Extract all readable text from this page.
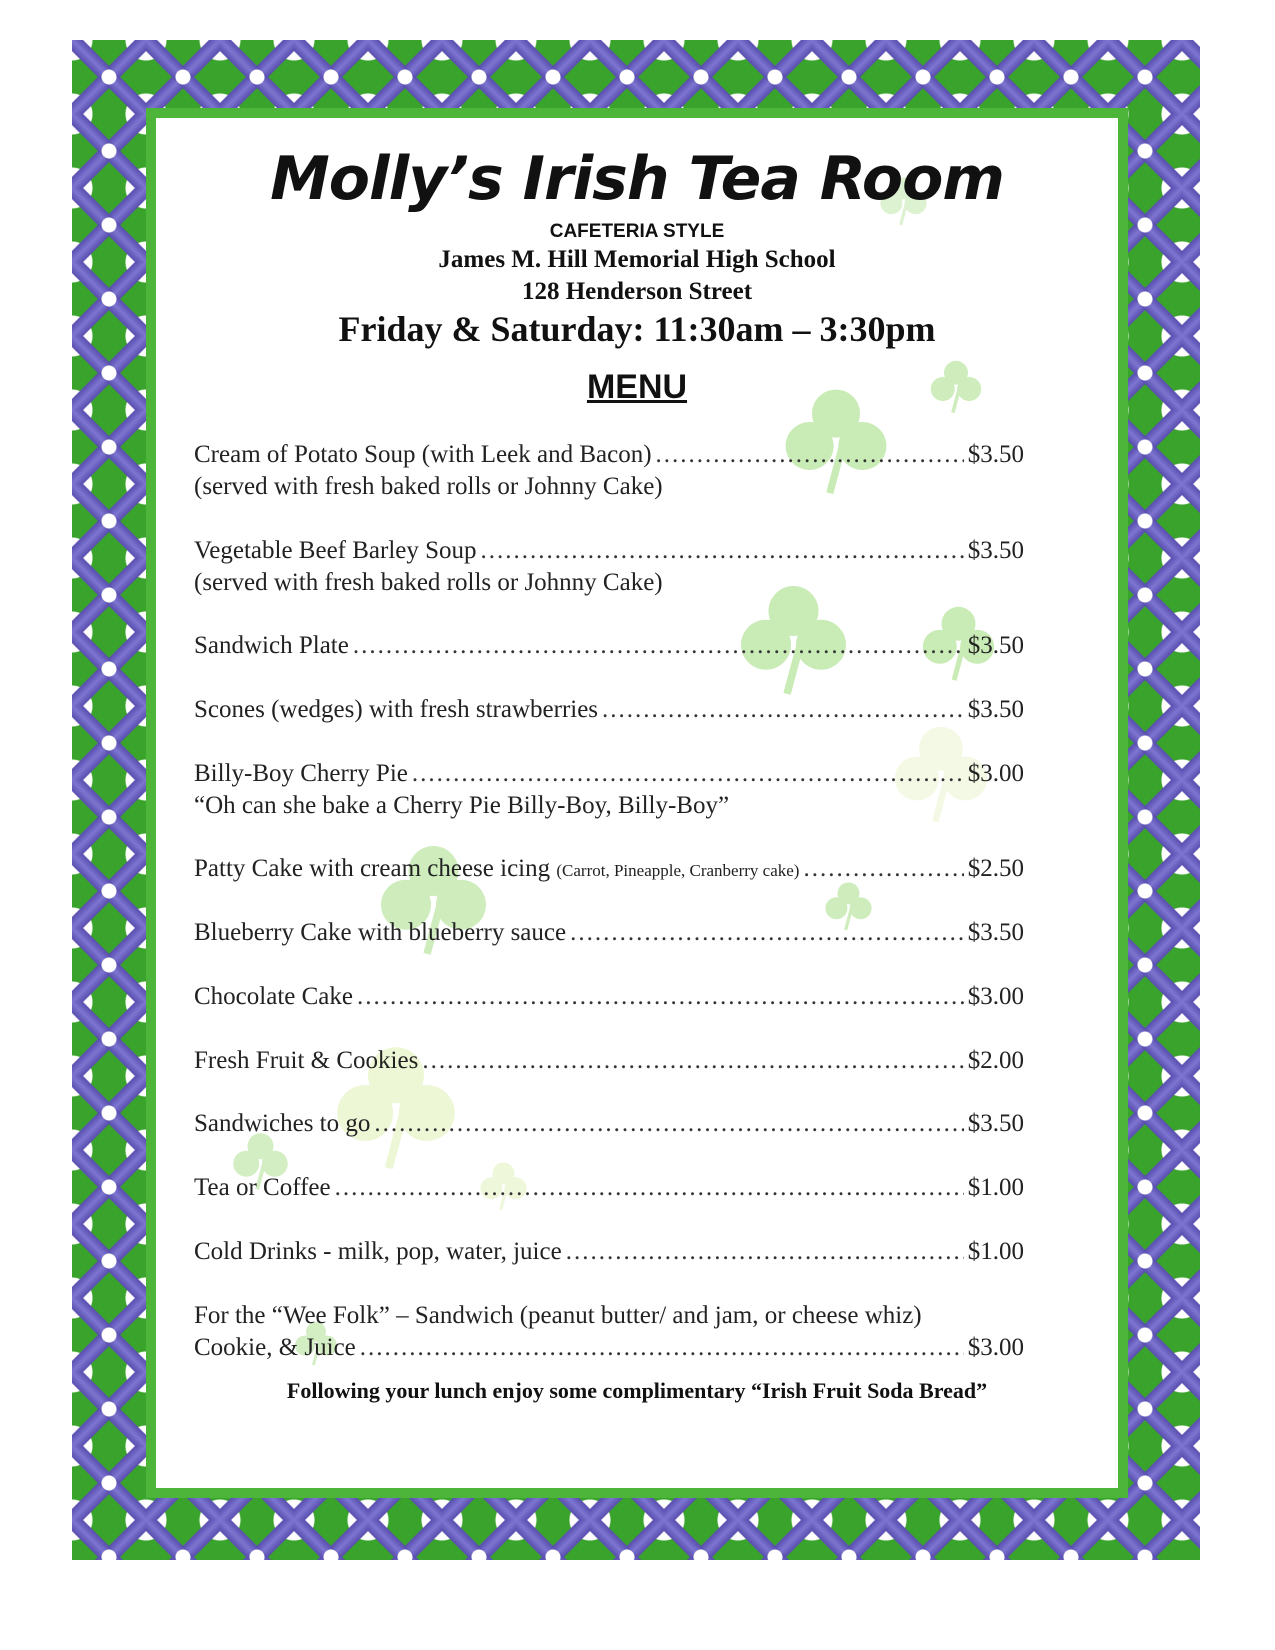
Molly’s Irish Tea Room
CAFETERIA STYLE
James M. Hill Memorial High School
128 Henderson Street
Friday & Saturday: 11:30am – 3:30pm
MENU
Cream of Potato Soup (with Leek and Bacon) .....	$3.50
(served with fresh baked rolls or Johnny Cake)
Vegetable Beef Barley Soup .....	$3.50
(served with fresh baked rolls or Johnny Cake)
Sandwich Plate .....	$3.50
Scones (wedges) with fresh strawberries .....	$3.50
Billy-Boy Cherry Pie .....	$3.00
“Oh can she bake a Cherry Pie Billy-Boy, Billy-Boy”
Patty Cake with cream cheese icing (Carrot, Pineapple, Cranberry cake) .....	$2.50
Blueberry Cake with blueberry sauce .....	$3.50
Chocolate Cake .....	$3.00
Fresh Fruit & Cookies .....	$2.00
Sandwiches to go .....	$3.50
Tea or Coffee .....	$1.00
Cold Drinks - milk, pop, water, juice .....	$1.00
For the “Wee Folk” – Sandwich (peanut butter/ and jam, or cheese whiz)
Cookie, & Juice .....	$3.00
Following your lunch enjoy some complimentary “Irish Fruit Soda Bread”
